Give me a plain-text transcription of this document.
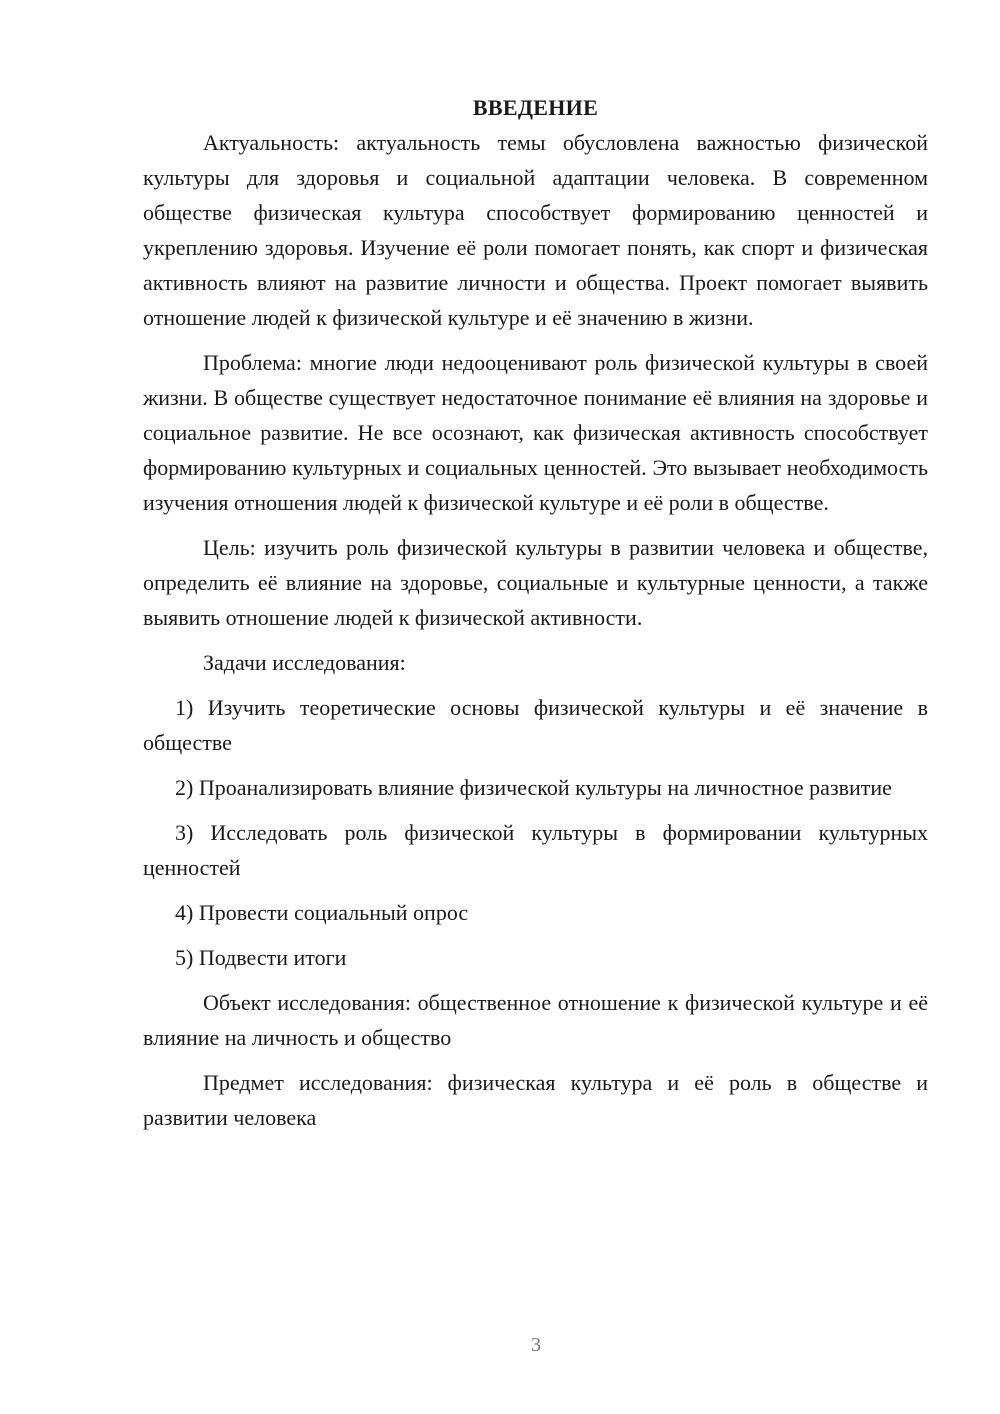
ВВЕДЕНИЕ

Актуальность: актуальность темы обусловлена важностью физической культуры для здоровья и социальной адаптации человека. В современном обществе физическая культура способствует формированию ценностей и укреплению здоровья. Изучение её роли помогает понять, как спорт и физическая активность влияют на развитие личности и общества. Проект помогает выявить отношение людей к физической культуре и её значению в жизни.

Проблема: многие люди недооценивают роль физической культуры в своей жизни. В обществе существует недостаточное понимание её влияния на здоровье и социальное развитие. Не все осознают, как физическая активность способствует формированию культурных и социальных ценностей. Это вызывает необходимость изучения отношения людей к физической культуре и её роли в обществе.

Цель: изучить роль физической культуры в развитии человека и обществе, определить её влияние на здоровье, социальные и культурные ценности, а также выявить отношение людей к физической активности.

Задачи исследования:

1) Изучить теоретические основы физической культуры и её значение в обществе

2) Проанализировать влияние физической культуры на личностное развитие

3) Исследовать роль физической культуры в формировании культурных ценностей

4) Провести социальный опрос

5) Подвести итоги

Объект исследования: общественное отношение к физической культуре и её влияние на личность и общество

Предмет исследования: физическая культура и её роль в обществе и развитии человека

3
